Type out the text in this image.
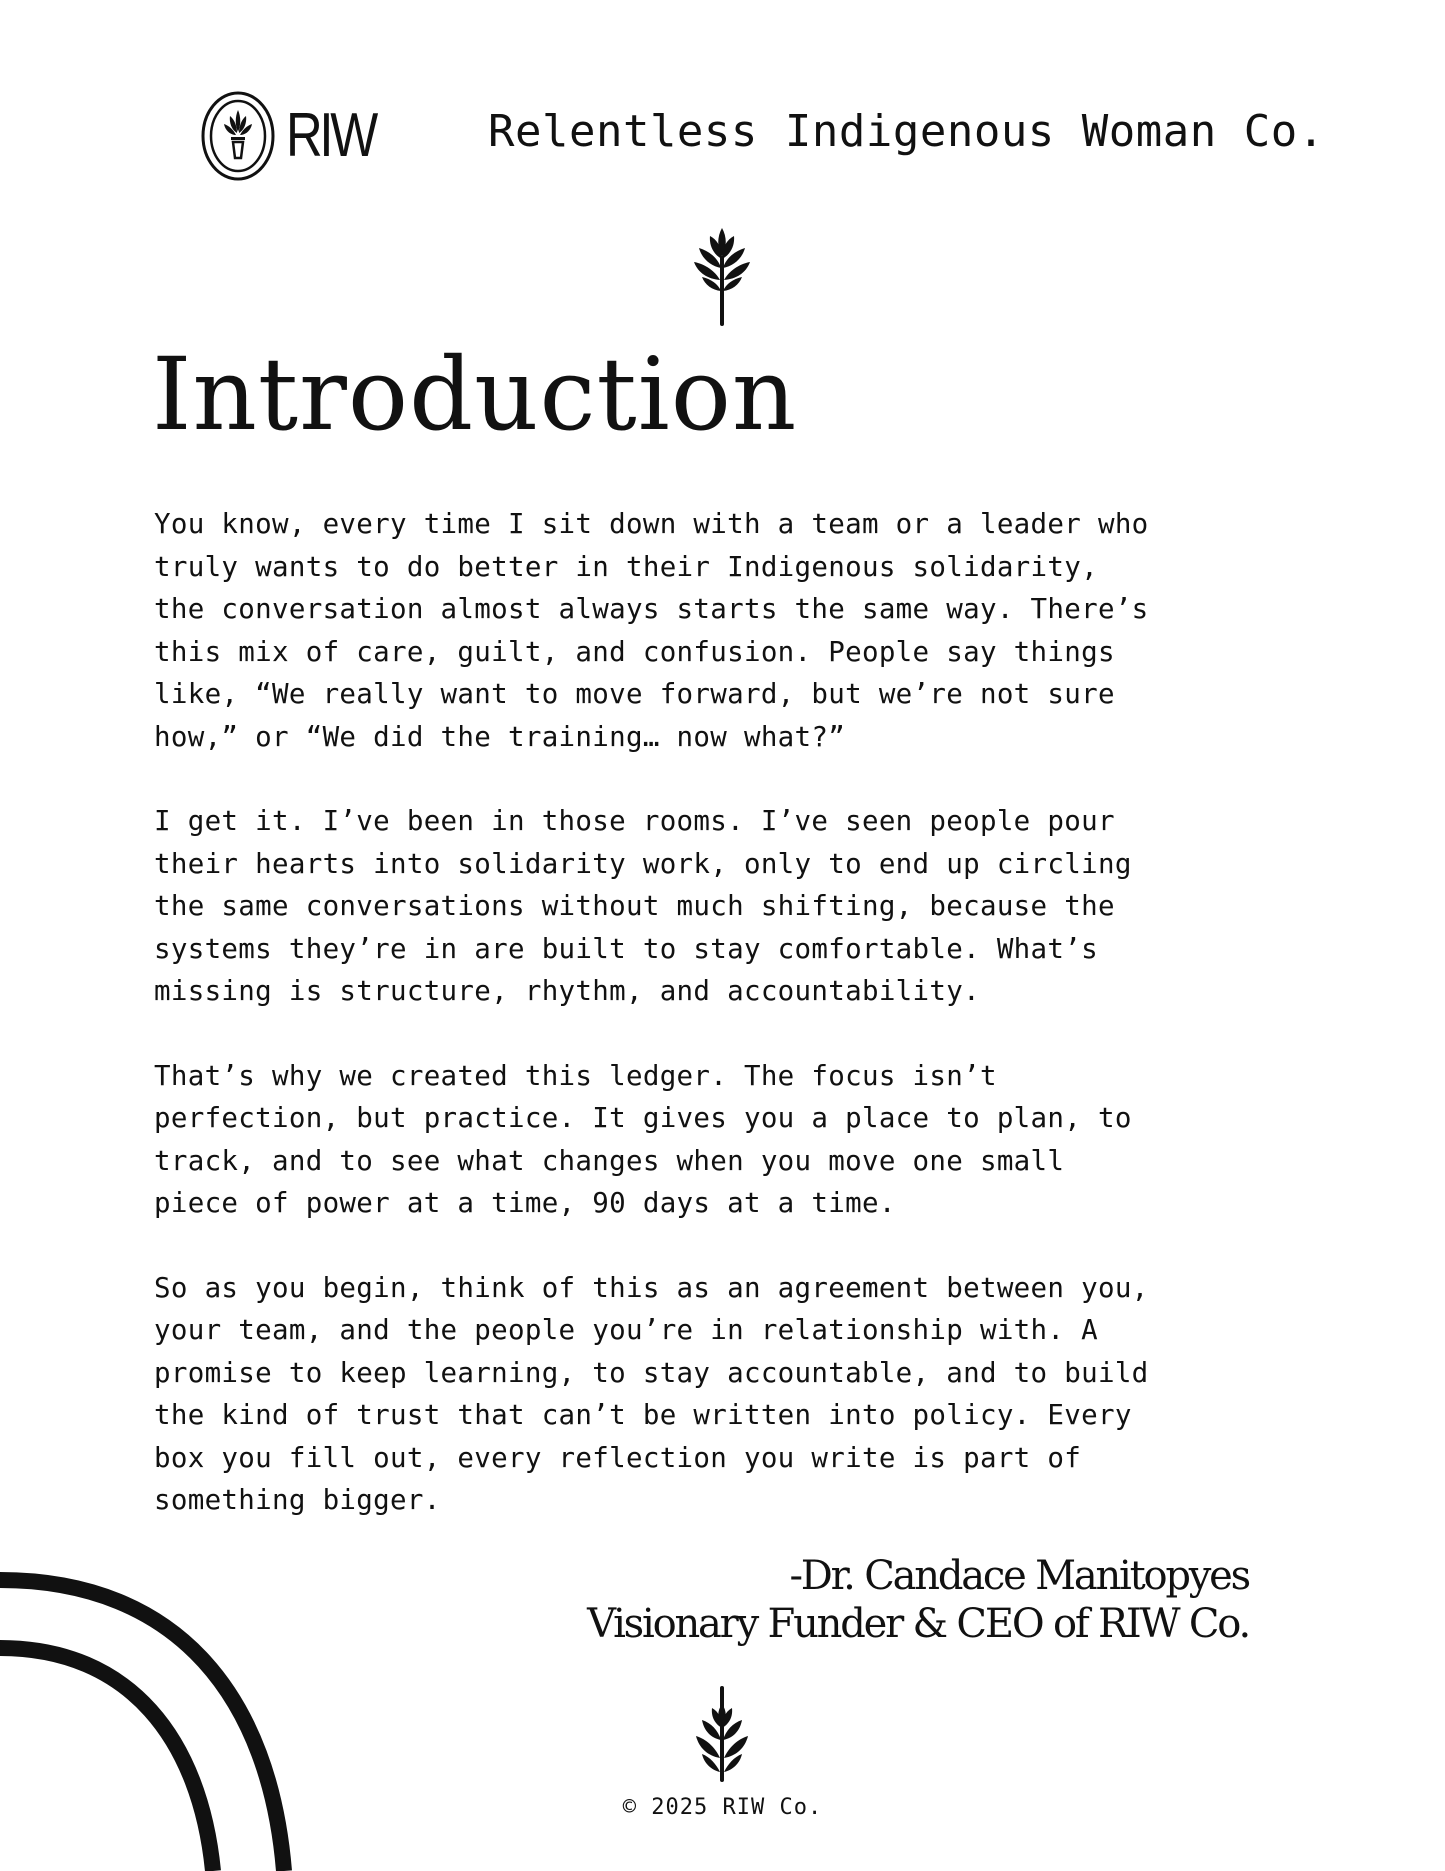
RIW	Relentless Indigenous Woman Co.
Introduction

You know, every time I sit down with a team or a leader who
truly wants to do better in their Indigenous solidarity,
the conversation almost always starts the same way. There’s
this mix of care, guilt, and confusion. People say things
like, “We really want to move forward, but we’re not sure
how,” or “We did the training… now what?”

I get it. I’ve been in those rooms. I’ve seen people pour
their hearts into solidarity work, only to end up circling
the same conversations without much shifting, because the
systems they’re in are built to stay comfortable. What’s
missing is structure, rhythm, and accountability.

That’s why we created this ledger. The focus isn’t
perfection, but practice. It gives you a place to plan, to
track, and to see what changes when you move one small
piece of power at a time, 90 days at a time.

So as you begin, think of this as an agreement between you,
your team, and the people you’re in relationship with. A
promise to keep learning, to stay accountable, and to build
the kind of trust that can’t be written into policy. Every
box you fill out, every reflection you write is part of
something bigger.

-Dr. Candace Manitopyes
Visionary Funder & CEO of RIW Co.
© 2025 RIW Co.
